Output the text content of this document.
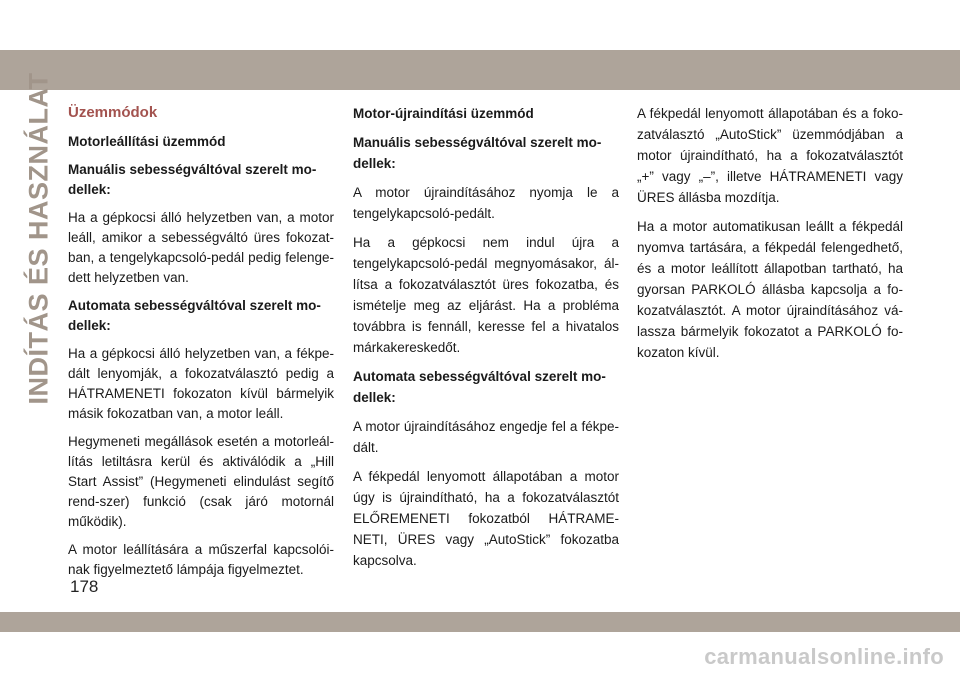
INDÍTÁS ÉS HASZNÁLAT Üzemmódok

Motorleállítási üzemmód

Manuális sebességváltóval szerelt mo-dellek:

Ha a gépkocsi álló helyzetben van, a motor leáll, amikor a sebességváltó üres fokozat-ban, a tengelykapcsoló-pedál pedig felenge-dett helyzetben van.

Automata sebességváltóval szerelt mo-dellek:

Ha a gépkocsi álló helyzetben van, a fékpe-dált lenyomják, a fokozatválasztó pedig a HÁTRAMENETI fokozaton kívül bármelyik másik fokozatban van, a motor leáll.

Hegymeneti megállások esetén a motorleál-lítás letiltásra kerül és aktiválódik a „Hill Start Assist” (Hegymeneti elindulást segítő rend-szer) funkció (csak járó motornál működik).

A motor leállítására a műszerfal kapcsolói-nak figyelmeztető lámpája figyelmeztet.

Motor-újraindítási üzemmód

Manuális sebességváltóval szerelt mo-dellek:

A motor újraindításához nyomja le a tengelykapcsoló-pedált.

Ha a gépkocsi nem indul újra a tengelykapcsoló-pedál megnyomásakor, ál-lítsa a fokozatválasztót üres fokozatba, és ismételje meg az eljárást. Ha a probléma továbbra is fennáll, keresse fel a hivatalos márkakereskedőt.

Automata sebességváltóval szerelt mo-dellek:

A motor újraindításához engedje fel a fékpe-dált.

A fékpedál lenyomott állapotában a motor úgy is újraindítható, ha a fokozatválasztót ELŐREMENETI fokozatból HÁTRAME-NETI, ÜRES vagy „AutoStick” fokozatba kapcsolva.

A fékpedál lenyomott állapotában és a foko-zatválasztó „AutoStick” üzemmódjában a motor újraindítható, ha a fokozatválasztót „+” vagy „–”, illetve HÁTRAMENETI vagy ÜRES állásba mozdítja.

Ha a motor automatikusan leállt a fékpedál nyomva tartására, a fékpedál felengedhető, és a motor leállított állapotban tartható, ha gyorsan PARKOLÓ állásba kapcsolja a fo-kozatválasztót. A motor újraindításához vá-lassza bármelyik fokozatot a PARKOLÓ fo-kozaton kívül.

178
carmanualsonline.info
